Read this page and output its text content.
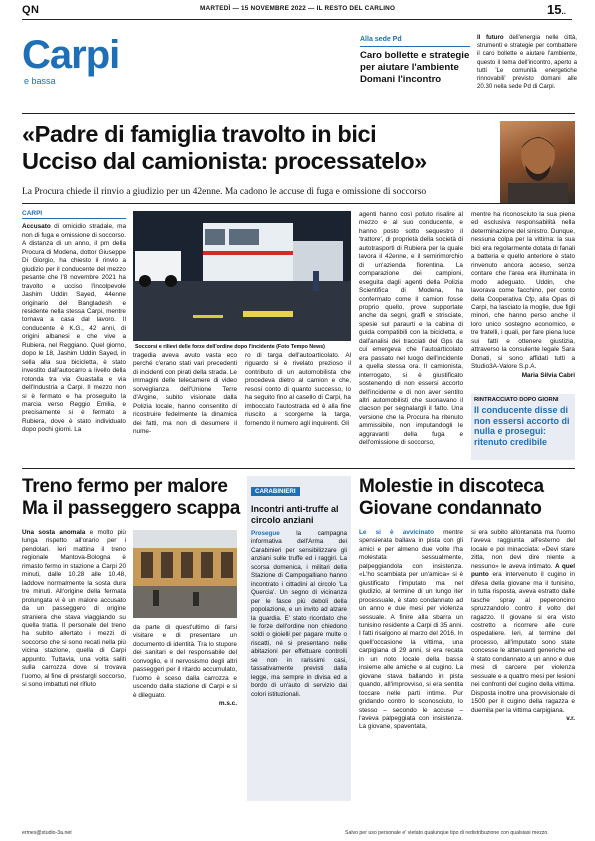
QN	MARTEDÌ — 15 NOVEMBRE 2022 — IL RESTO DEL CARLINO	15..
Carpi
e bassa
Alla sede Pd
Caro bollette e strategie per aiutare l'ambiente Domani l'incontro
Il futuro dell'energia nelle città, strumenti e strategie per combattere il caro bollette e aiutare l'ambiente, questo il tema dell'incontro, aperto a tutti 'Le comunità energetiche rinnovabili' previsto domani alle 20.30 nella sede Pd di Carpi.
«Padre di famiglia travolto in bici
Ucciso dal camionista: processatelo»
La Procura chiede il rinvio a giudizio per un 42enne. Ma cadono le accuse di fuga e omissione di soccorso
CARPI
Accusato di omicidio stradale, ma non di fuga e omissione di soccorso. A distanza di un anno, il pm della Procura di Modena, dottor Giuseppe Di Giorgio, ha chiesto il rinvio a giudizio per il conducente del mezzo pesante che l'8 novembre 2021 ha travolto e ucciso l'incolpevole Jashim Uddin Sayed, 44enne originario del Bangladesh e residente nella stessa Carpi, mentre tornava a casa dal lavoro. Il conducente è K.G., 42 anni, di origini albanesi e che vive a Rubiera, nel Reggiano. Quel giorno, dopo le 18, Jashim Uddin Sayed, in sella alla sua bicicletta, è stato investito dall'autocarro a livello della rotonda tra via Guastalla e via dell'Industria a Carpi. Il mezzo non si è fermato e ha proseguito la marcia verso Reggio Emilia, e precisamente si è fermato a Rubiera, dove è stato individuato dopo pochi giorni. La
Soccorsi e rilievi delle forze dell'ordine dopo l'incidente (Foto Tempo News)
tragedia aveva avuto vasta eco perché c'erano stati vari precedenti di incidenti con pirati della strada. Le immagini delle telecamere di video sorveglianza dell'Unione Terre d'Argine, subito visionate dalla Polizia locale, hanno consentito di ricostruire fedelmente la dinamica dei fatti, ma non di desumere il nume-
ro di targa dell'autoarticolato. Al riguardo si è rivelato prezioso il contributo di un automobilista che procedeva dietro al camion e che, resosi conto di quanto successo, lo ha seguito fino al casello di Carpi, ha imboccato l'autostrada ed è alla fine riuscito a scorgerne la targa, fornendo il numero agli inquirenti. Gli
agenti hanno così potuto risalire al mezzo e al suo conducente, e hanno posto sotto sequestro il 'trattore', di proprietà della società di autotrasporti di Rubiera per la quale lavora il 42enne, e il semirimorchio di un'azienda fiorentina. La comparazione dei campioni, eseguita dagli agenti della Polizia Scientifica di Modena, ha confermato come il camion fosse proprio quello, prove supportate anche da segni, graffi e strisciate, spesie sul paraurti e la cabina di guida compatibili con la bicicletta, e dall'analisi dei tracciati del Gps da cui emergeva che l'autoarticolato era passato nel luogo dell'incidente a quella stessa ora. Il camionista, interrogato, si è giustificato sostenendo di non essersi accorto dell'incidente e di non aver sentito altri automobilisti che suonavano il clacson per segnalargli il fatto. Una versione che la Procura ha ritenuto ammissibile, non imputandogli le aggravanti della fuga e dell'omissione di soccorso,
mentre ha riconosciuto la sua piena ed esclusiva responsabilità nella determinazione del sinistro. Dunque, nessuna colpa per la vittima: la sua bici era regolarmente dotata di fanali a batteria e quello anteriore è stato rinvenuto ancora acceso, senza contare che l'area era illuminata in modo adeguato. Uddin, che lavorava come facchino, per conto della Cooperativa Cfp, alla Opas di Carpi, ha lasciato la moglie, due figli minori, che hanno perso anche il loro unico sostegno economico, e tre fratelli, i quali, per fare piena luce sui fatti e ottenere giustizia, attraverso la consulente legale Sara Donati, si sono affidati tutti a Studio3A-Valore S.p.A.
Maria Silvia Cabri
RINTRACCIATO DOPO GIORNI
Il conducente disse di non essersi accorto di nulla e prosegui: ritenuto credibile
Treno fermo per malore
Ma il passeggero scappa
Una sosta anomala e molto più lunga rispetto all'orario per i pendolari. Ieri mattina il treno regionale Mantova-Bologna è rimasto fermo in stazione a Carpi 20 minuti, dalle 10.28 alle 10.48, laddove normalmente la sosta dura tre minuti. All'origine della fermata prolungata vi è un malore accusato da un passeggero di origine straniera che stava viaggiando su quella tratta. Il personale del treno ha subito allertato i mezzi di soccorso che si sono recati nella più vicina stazione, quella di Carpi appunto. Tuttavia, una volta saliti sulla carrozza dove si trovava l'uomo, al fine di prestargli soccorso, si sono imbattuti nel rifiuto
da parte di quest'ultimo di farsi visitare e di presentare un documento di identità. Tra lo stupore dei sanitari e del responsabile del convoglio, e il nervosismo degli altri passeggeri per il ritardo accumulato, l'uomo è sceso dalla carrozza e uscendo dalla stazione di Carpi e si è dileguato.
m.s.c.
CARABINIERI
Incontri anti-truffe al circolo anziani
Prosegue la campagna informativa dell'Arma dei Carabinieri per sensibilizzare gli anziani sulle truffe ed i raggiri. La scorsa domenica, i militari della Stazione di Campogalliano hanno incontrato i cittadini al circolo 'La Quercia'. Un segno di vicinanza per le fasce più deboli della popolazione, e un invito ad alzare la guardia. E' stato ricordato che le forze dell'ordine non chiedono soldi o gioielli per pagare multe o riscatti, né si presentano nelle abitazioni per effettuare controlli se non in rarissimi casi, tassativamente previsti dalla legge, ma sempre in divisa ed a bordo di un'auto di servizio dai colori istituzionali.
Molestie in discoteca
Giovane condannato
Le si è avvicinato mentre spensierata ballava in pista con gli amici e per almeno due volte l'ha molestata sessualmente, palpeggiandola con insistenza. «L'ho scambiata per un'amica» si è giustificato l'imputato ma nel giudizio, al termine di un lungo iter processuale, è stato condannato ad un anno e due mesi per violenza sessuale. A finire alla sbarra un tunisino residente a Carpi di 35 anni. I fatti risalgono al marzo del 2016. In quell'occasione la vittima, una carpigiana di 29 anni, si era recata in un noto locale della bassa insieme alle amiche e al cugino. La giovane stava ballando in pista quando, all'improvviso, si era sentita toccare nelle parti intime. Pur gridando contro lo sconosciuto, lo stesso – secondo le accuse – l'aveva palpeggiata con insistenza. La giovane, spaventata,
si era subito allontanata ma l'uomo l'aveva raggiunta all'esterno del locale e poi minacciata: «Devi stare zitta, non devi dire niente a nessuno» le aveva intimato. A quel punto era intervenuto il cugino in difesa della giovane ma il tunisino, in tutta risposta, aveva estratto dalle tasche spray al peperoncino spruzzandolo contro il volto del ragazzo. Il giovane si era visto costretto a ricorrere alle cure ospedaliere. Ieri, al termine del processo, all'imputato sono state concesse le attenuanti generiche ed è stato condannato a un anno e due mesi di carcere per violenza sessuale e a quattro mesi per lesioni nei confronti del cugino della vittima. Disposta inoltre una provvisionale di 1500 per il cugino della ragazza e duemila per la vittima carpigiana.
v.r.
ermes@studio-3a.net	Salvo per uso personale e' vietato qualunque tipo di redistribuzione con qualsiasi mezzo.
